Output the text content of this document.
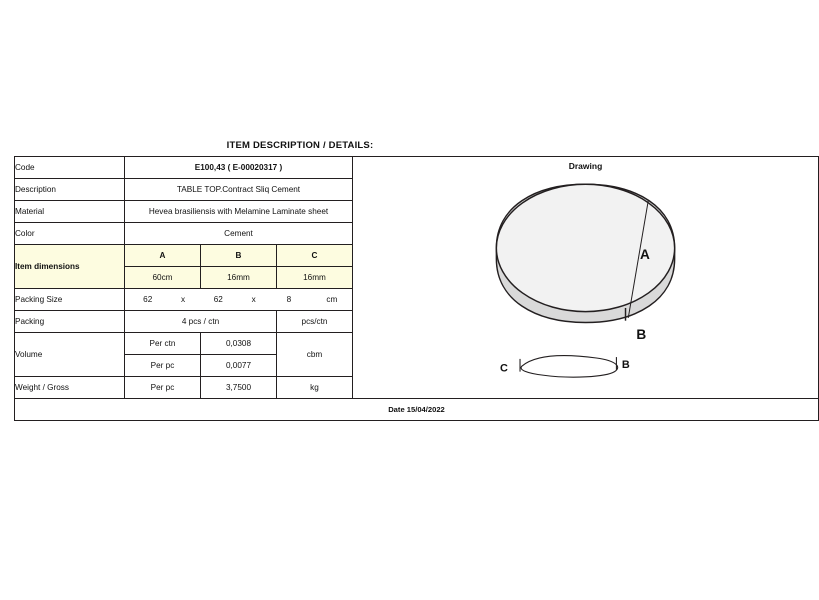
ITEM DESCRIPTION / DETAILS:
Code	E100,43 ( E-00020317 )	Drawing
A
B
C	B

Description	TABLE TOP.Contract Sliq Cement
Material	Hevea brasiliensis with Melamine Laminate sheet
Color	Cement
Item dimensions	A	B	C
60cm	16mm	16mm
Packing Size		62	x	62	x	8	cm

Packing	4 pcs / ctn	pcs/ctn
Volume	Per ctn	0,0308	cbm
Per pc	0,0077
Weight / Gross	Per pc	3,7500	kg
Date 15/04/2022
